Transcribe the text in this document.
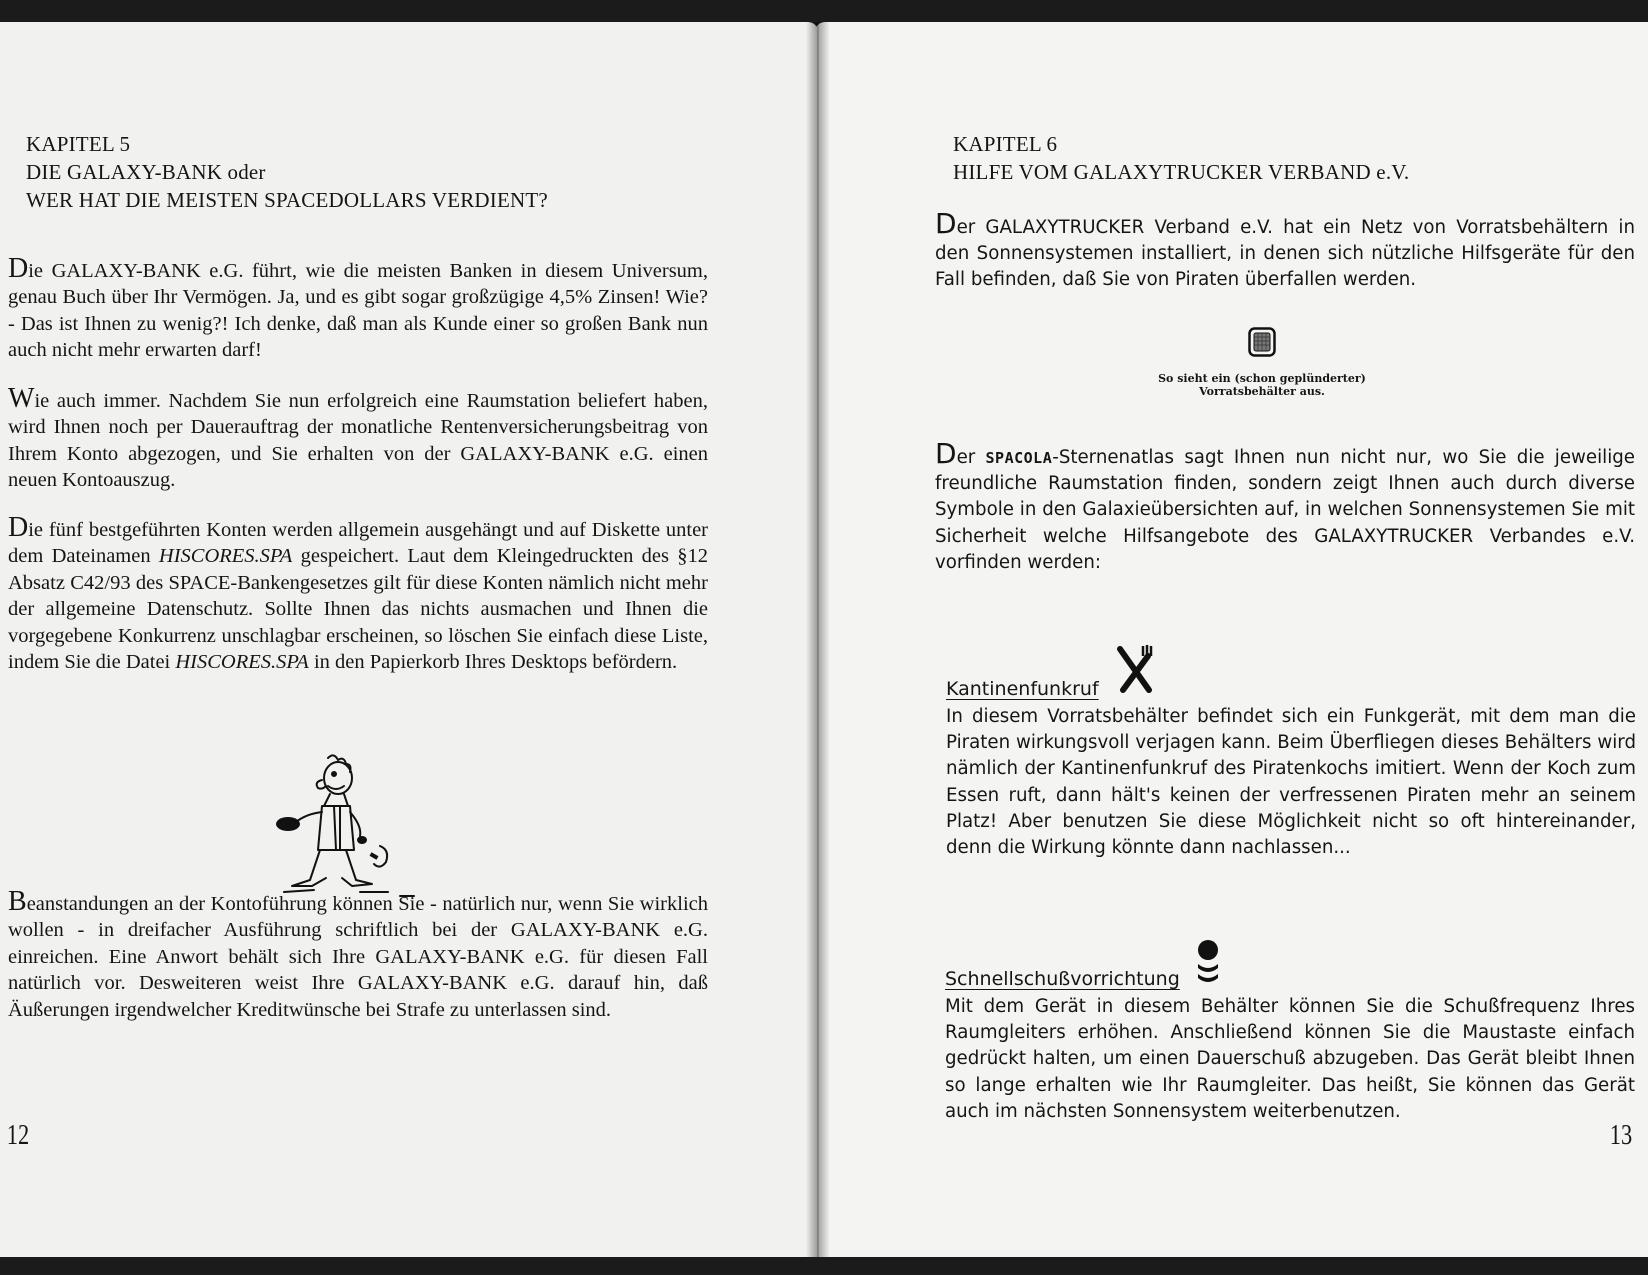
KAPITEL 5
DIE GALAXY-BANK oder
WER HAT DIE MEISTEN SPACEDOLLARS VERDIENT?
Die GALAXY-BANK e.G. führt, wie die meisten Banken in diesem Universum, genau Buch über Ihr Vermögen. Ja, und es gibt sogar großzügige 4,5% Zinsen! Wie? - Das ist Ihnen zu wenig?! Ich denke, daß man als Kunde einer so großen Bank nun auch nicht mehr erwarten darf!
Wie auch immer. Nachdem Sie nun erfolgreich eine Raumstation beliefert haben, wird Ihnen noch per Dauerauftrag der monatliche Rentenversicherungsbeitrag von Ihrem Konto abgezogen, und Sie erhalten von der GALAXY-BANK e.G. einen neuen Kontoauszug.
Die fünf bestgeführten Konten werden allgemein ausgehängt und auf Diskette unter dem Dateinamen HISCORES.SPA gespeichert. Laut dem Kleingedruckten des §12 Absatz C42/93 des SPACE-Bankengesetzes gilt für diese Konten nämlich nicht mehr der allgemeine Datenschutz. Sollte Ihnen das nichts ausmachen und Ihnen die vorgegebene Konkurrenz unschlagbar erscheinen, so löschen Sie einfach diese Liste, indem Sie die Datei HISCORES.SPA in den Papierkorb Ihres Desktops befördern.
Beanstandungen an der Kontoführung können Sie - natürlich nur, wenn Sie wirklich wollen - in dreifacher Ausführung schriftlich bei der GALAXY-BANK e.G. einreichen. Eine Anwort behält sich Ihre GALAXY-BANK e.G. für diesen Fall natürlich vor. Desweiteren weist Ihre GALAXY-BANK e.G. darauf hin, daß Äußerungen irgendwelcher Kreditwünsche bei Strafe zu unterlassen sind.
12
KAPITEL 6
HILFE VOM GALAXYTRUCKER VERBAND e.V.
Der GALAXYTRUCKER Verband e.V. hat ein Netz von Vorratsbehältern in den Sonnensystemen installiert, in denen sich nützliche Hilfsgeräte für den Fall befinden, daß Sie von Piraten überfallen werden.
So sieht ein (schon geplünderter)
Vorratsbehälter aus.
Der SPACOLA-Sternenatlas sagt Ihnen nun nicht nur, wo Sie die jeweilige freundliche Raumstation finden, sondern zeigt Ihnen auch durch diverse Symbole in den Galaxieübersichten auf, in welchen Sonnensystemen Sie mit Sicherheit welche Hilfsangebote des GALAXYTRUCKER Verbandes e.V. vorfinden werden:
Kantinenfunkruf
In diesem Vorratsbehälter befindet sich ein Funkgerät, mit dem man die Piraten wirkungsvoll verjagen kann. Beim Überfliegen dieses Behälters wird nämlich der Kantinenfunkruf des Piratenkochs imitiert. Wenn der Koch zum Essen ruft, dann hält's keinen der verfressenen Piraten mehr an seinem Platz! Aber benutzen Sie diese Möglichkeit nicht so oft hintereinander, denn die Wirkung könnte dann nachlassen...
Schnellschußvorrichtung
Mit dem Gerät in diesem Behälter können Sie die Schußfrequenz Ihres Raumgleiters erhöhen. Anschließend können Sie die Maustaste einfach gedrückt halten, um einen Dauerschuß abzugeben. Das Gerät bleibt Ihnen so lange erhalten wie Ihr Raumgleiter. Das heißt, Sie können das Gerät auch im nächsten Sonnensystem weiterbenutzen.
13
